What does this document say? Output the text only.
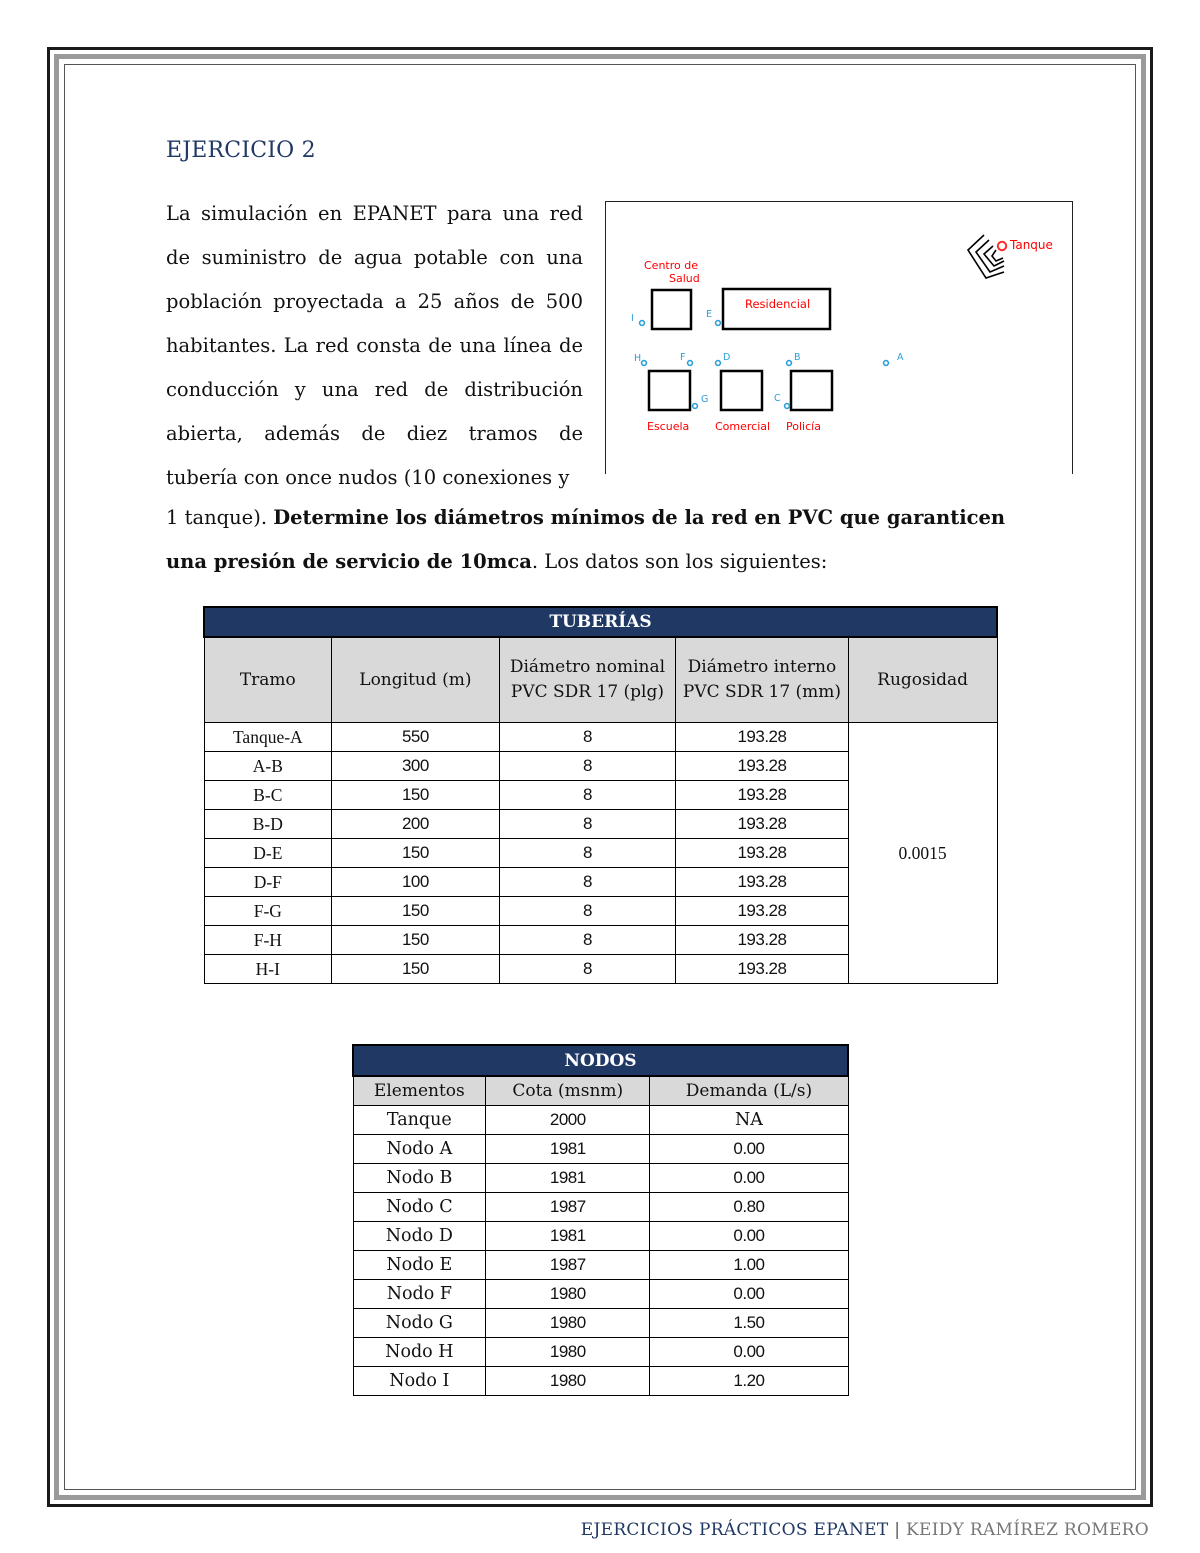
EJERCICIO 2

La simulación en EPANET para una red de suministro de agua potable con una población proyectada a 25 años de 500 habitantes. La red consta de una línea de conducción y una red de distribución abierta, además de diez tramos de tubería con once nudos (10 conexiones y

Tanque
Centro de
Salud
Residencial
Escuela Comercial Policía
I	E
H	F	D	B	A
G	C

1 tanque). Determine los diámetros mínimos de la red en PVC que garanticen una presión de servicio de 10mca. Los datos son los siguientes:

TUBERÍAS				
Tramo	Longitud (m)	Diámetro nominal PVC SDR 17 (plg)	Diámetro interno PVC SDR 17 (mm)	Rugosidad
Tanque-A	550	8	193.28	0.0015
A-B	300	8	193.28	
B-C	150	8	193.28	
B-D	200	8	193.28	
D-E	150	8	193.28	
D-F	100	8	193.28	
F-G	150	8	193.28	
F-H	150	8	193.28	
H-I	150	8	193.28	
NODOS		
Elementos	Cota (msnm)	Demanda (L/s)
Tanque	2000	NA
Nodo A	1981	0.00
Nodo B	1981	0.00
Nodo C	1987	0.80
Nodo D	1981	0.00
Nodo E	1987	1.00
Nodo F	1980	0.00
Nodo G	1980	1.50
Nodo H	1980	0.00
Nodo I	1980	1.20

EJERCICIOS PRÁCTICOS EPANET | KEIDY RAMÍREZ ROMERO
